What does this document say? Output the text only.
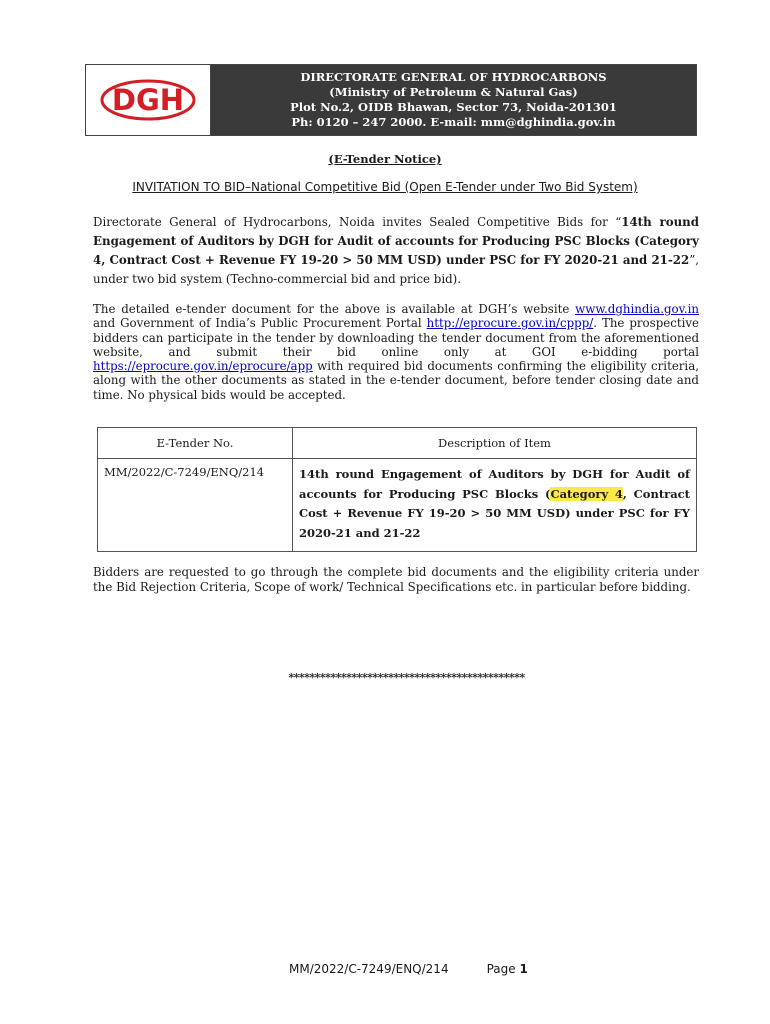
DGH
DIRECTORATE GENERAL OF HYDROCARBONS
(Ministry of Petroleum & Natural Gas)
Plot No.2, OIDB Bhawan, Sector 73, Noida-201301
Ph: 0120 – 247 2000. E-mail: mm@dghindia.gov.in
(E-Tender Notice)
INVITATION TO BID–National Competitive Bid (Open E-Tender under Two Bid System)
Directorate General of Hydrocarbons, Noida invites Sealed Competitive Bids for “14th round Engagement of Auditors by DGH for Audit of accounts for Producing PSC Blocks (Category 4, Contract Cost + Revenue FY 19-20 > 50 MM USD) under PSC for FY 2020-21 and 21-22”, under two bid system (Techno-commercial bid and price bid).
The detailed e-tender document for the above is available at DGH’s website www.dghindia.gov.in and Government of India’s Public Procurement Portal http://eprocure.gov.in/cppp/. The prospective bidders can participate in the tender by downloading the tender document from the aforementioned website, and submit their bid online only at GOI e-bidding portal https://eprocure.gov.in/eprocure/app with required bid documents confirming the eligibility criteria, along with the other documents as stated in the e-tender document, before tender closing date and time. No physical bids would be accepted.
E-Tender No.	Description of Item
MM/2022/C-7249/ENQ/214	14th round Engagement of Auditors by DGH for Audit of accounts for Producing PSC Blocks (Category 4, Contract Cost + Revenue FY 19-20 > 50 MM USD) under PSC for FY 2020-21 and 21-22
Bidders are requested to go through the complete bid documents and the eligibility criteria under the Bid Rejection Criteria, Scope of work/ Technical Specifications etc. in particular before bidding.
*********************************************
MM/2022/C-7249/ENQ/214	Page 1
